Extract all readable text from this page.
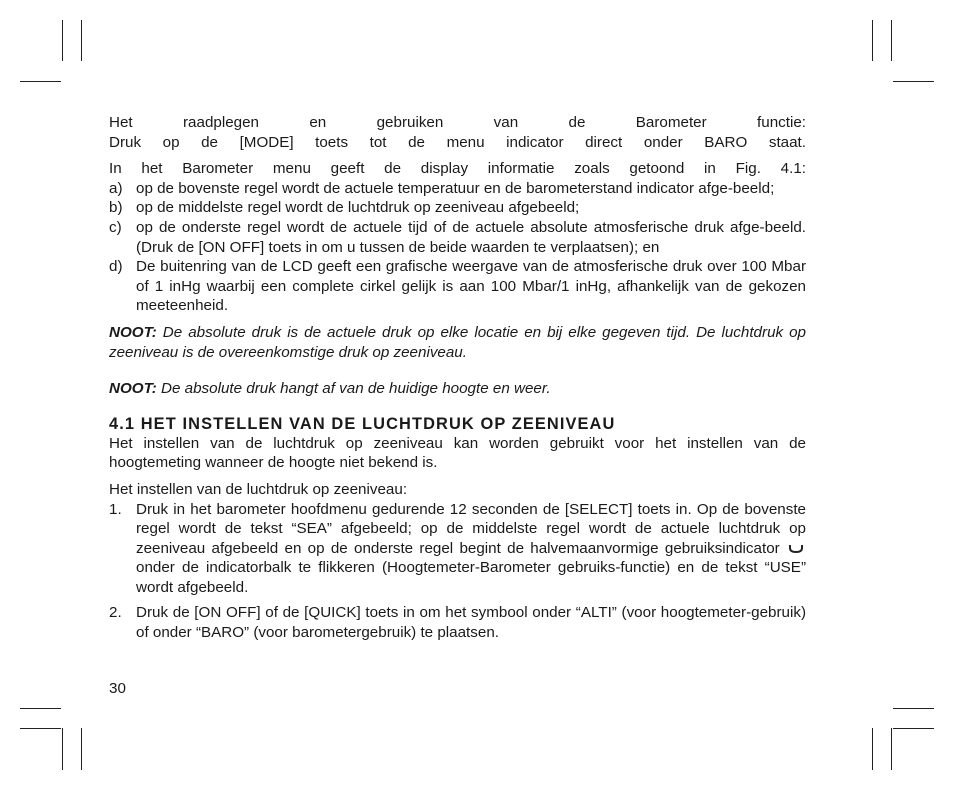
Het raadplegen en gebruiken van de Barometer functie:

Druk op de [MODE] toets tot de menu indicator direct onder BARO staat.

In het Barometer menu geeft de display informatie zoals getoond in Fig. 4.1:

a) op de bovenste regel wordt de actuele temperatuur en de barometerstand indicator afge-beeld;
b) op de middelste regel wordt de luchtdruk op zeeniveau afgebeeld;
c) op de onderste regel wordt de actuele tijd of de actuele absolute atmosferische druk afge-beeld. (Druk de [ON OFF] toets in om u tussen de beide waarden te verplaatsen); en
d) De buitenring van de LCD geeft een grafische weergave van de atmosferische druk over 100 Mbar of 1 inHg waarbij een complete cirkel gelijk is aan 100 Mbar/1 inHg, afhankelijk van de gekozen meeteenheid.

NOOT: De absolute druk is de actuele druk op elke locatie en bij elke gegeven tijd. De luchtdruk op zeeniveau is de overeenkomstige druk op zeeniveau.

NOOT: De absolute druk hangt af van de huidige hoogte en weer.

4.1 HET INSTELLEN VAN DE LUCHTDRUK OP ZEENIVEAU

Het instellen van de luchtdruk op zeeniveau kan worden gebruikt voor het instellen van de hoogtemeting wanneer de hoogte niet bekend is.

Het instellen van de luchtdruk op zeeniveau:

1. Druk in het barometer hoofdmenu gedurende 12 seconden de [SELECT] toets in. Op de bovenste regel wordt de tekst “SEA” afgebeeld; op de middelste regel wordt de actuele luchtdruk op zeeniveau afgebeeld en op de onderste regel begint de halvemaanvormige gebruiksindicator  onder de indicatorbalk te flikkeren (Hoogtemeter-Barometer gebruiks-functie) en de tekst “USE” wordt afgebeeld.
2. Druk de [ON OFF] of de [QUICK] toets in om het symbool onder “ALTI” (voor hoogtemeter-gebruik) of onder “BARO” (voor barometergebruik) te plaatsen.
30
